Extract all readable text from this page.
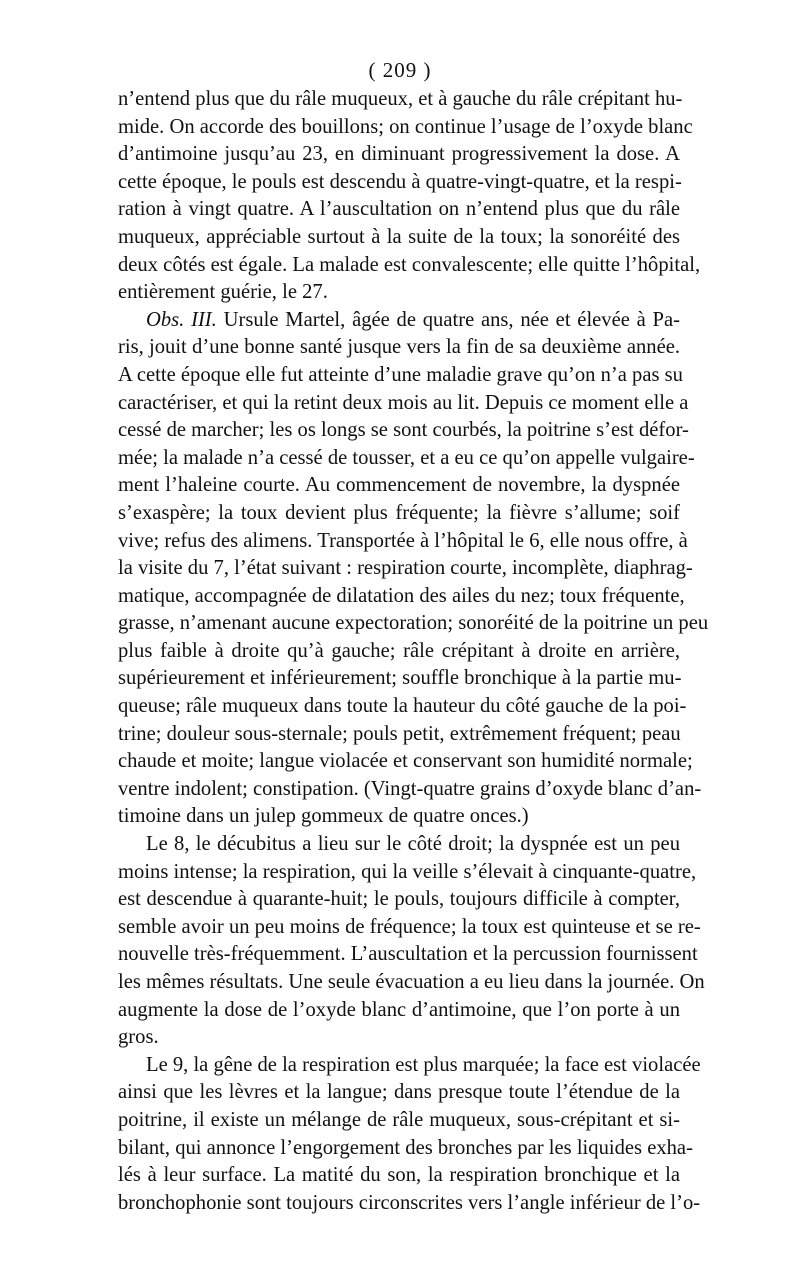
( 209 )
n’entend plus que du râle muqueux, et à gauche du râle crépitant hu-
mide. On accorde des bouillons; on continue l’usage de l’oxyde blanc
d’antimoine jusqu’au 23, en diminuant progressivement la dose. A
cette époque, le pouls est descendu à quatre-vingt-quatre, et la respi-
ration à vingt quatre. A l’auscultation on n’entend plus que du râle
muqueux, appréciable surtout à la suite de la toux; la sonoréité des
deux côtés est égale. La malade est convalescente; elle quitte l’hôpital,
entièrement guérie, le 27.
Obs. III. Ursule Martel, âgée de quatre ans, née et élevée à Pa-
ris, jouit d’une bonne santé jusque vers la fin de sa deuxième année.
A cette époque elle fut atteinte d’une maladie grave qu’on n’a pas su
caractériser, et qui la retint deux mois au lit. Depuis ce moment elle a
cessé de marcher; les os longs se sont courbés, la poitrine s’est défor-
mée; la malade n’a cessé de tousser, et a eu ce qu’on appelle vulgaire-
ment l’haleine courte. Au commencement de novembre, la dyspnée
s’exaspère; la toux devient plus fréquente; la fièvre s’allume; soif
vive; refus des alimens. Transportée à l’hôpital le 6, elle nous offre, à
la visite du 7, l’état suivant : respiration courte, incomplète, diaphrag-
matique, accompagnée de dilatation des ailes du nez; toux fréquente,
grasse, n’amenant aucune expectoration; sonoréité de la poitrine un peu
plus faible à droite qu’à gauche; râle crépitant à droite en arrière,
supérieurement et inférieurement; souffle bronchique à la partie mu-
queuse; râle muqueux dans toute la hauteur du côté gauche de la poi-
trine; douleur sous-sternale; pouls petit, extrêmement fréquent; peau
chaude et moite; langue violacée et conservant son humidité normale;
ventre indolent; constipation. (Vingt-quatre grains d’oxyde blanc d’an-
timoine dans un julep gommeux de quatre onces.)
Le 8, le décubitus a lieu sur le côté droit; la dyspnée est un peu
moins intense; la respiration, qui la veille s’élevait à cinquante-quatre,
est descendue à quarante-huit; le pouls, toujours difficile à compter,
semble avoir un peu moins de fréquence; la toux est quinteuse et se re-
nouvelle très-fréquemment. L’auscultation et la percussion fournissent
les mêmes résultats. Une seule évacuation a eu lieu dans la journée. On
augmente la dose de l’oxyde blanc d’antimoine, que l’on porte à un
gros.
Le 9, la gêne de la respiration est plus marquée; la face est violacée
ainsi que les lèvres et la langue; dans presque toute l’étendue de la
poitrine, il existe un mélange de râle muqueux, sous-crépitant et si-
bilant, qui annonce l’engorgement des bronches par les liquides exha-
lés à leur surface. La matité du son, la respiration bronchique et la
bronchophonie sont toujours circonscrites vers l’angle inférieur de l’o-
